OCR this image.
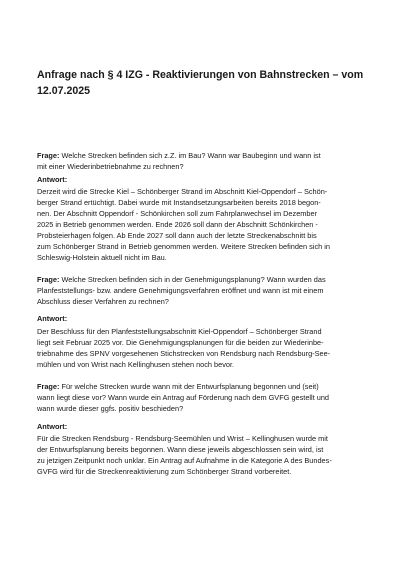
Anfrage nach § 4 IZG - Reaktivierungen von Bahnstrecken – vom
12.07.2025
Frage: Welche Strecken befinden sich z.Z. im Bau? Wann war Baubeginn und wann ist
mit einer Wiederinbetriebnahme zu rechnen?
Antwort:
Derzeit wird die Strecke Kiel – Schönberger Strand im Abschnitt Kiel-Oppendorf – Schön-
berger Strand ertüchtigt. Dabei wurde mit Instandsetzungsarbeiten bereits 2018 begon-
nen. Der Abschnitt Oppendorf - Schönkirchen soll zum Fahrplanwechsel im Dezember
2025 in Betrieb genommen werden. Ende 2026 soll dann der Abschnitt Schönkirchen -
Probsteierhagen folgen. Ab Ende 2027 soll dann auch der letzte Streckenabschnitt bis
zum Schönberger Strand in Betrieb genommen werden. Weitere Strecken befinden sich in
Schleswig-Holstein aktuell nicht im Bau.
Frage: Welche Strecken befinden sich in der Genehmigungsplanung? Wann wurden das
Planfeststellungs- bzw. andere Genehmigungsverfahren eröffnet und wann ist mit einem
Abschluss dieser Verfahren zu rechnen?
Antwort:
Der Beschluss für den Planfeststellungsabschnitt Kiel-Oppendorf – Schönberger Strand
liegt seit Februar 2025 vor. Die Genehmigungsplanungen für die beiden zur Wiederinbe-
triebnahme des SPNV vorgesehenen Stichstrecken von Rendsburg nach Rendsburg-See-
mühlen und von Wrist nach Kellinghusen stehen noch bevor.
Frage: Für welche Strecken wurde wann mit der Entwurfsplanung begonnen und (seit)
wann liegt diese vor? Wann wurde ein Antrag auf Förderung nach dem GVFG gestellt und
wann wurde dieser ggfs. positiv beschieden?
Antwort:
Für die Strecken Rendsburg - Rendsburg-Seemühlen und Wrist – Kellinghusen wurde mit
der Entwurfsplanung bereits begonnen. Wann diese jeweils abgeschlossen sein wird, ist
zu jetzigen Zeitpunkt noch unklar. Ein Antrag auf Aufnahme in die Kategorie A des Bundes-
GVFG wird für die Streckenreaktivierung zum Schönberger Strand vorbereitet.
